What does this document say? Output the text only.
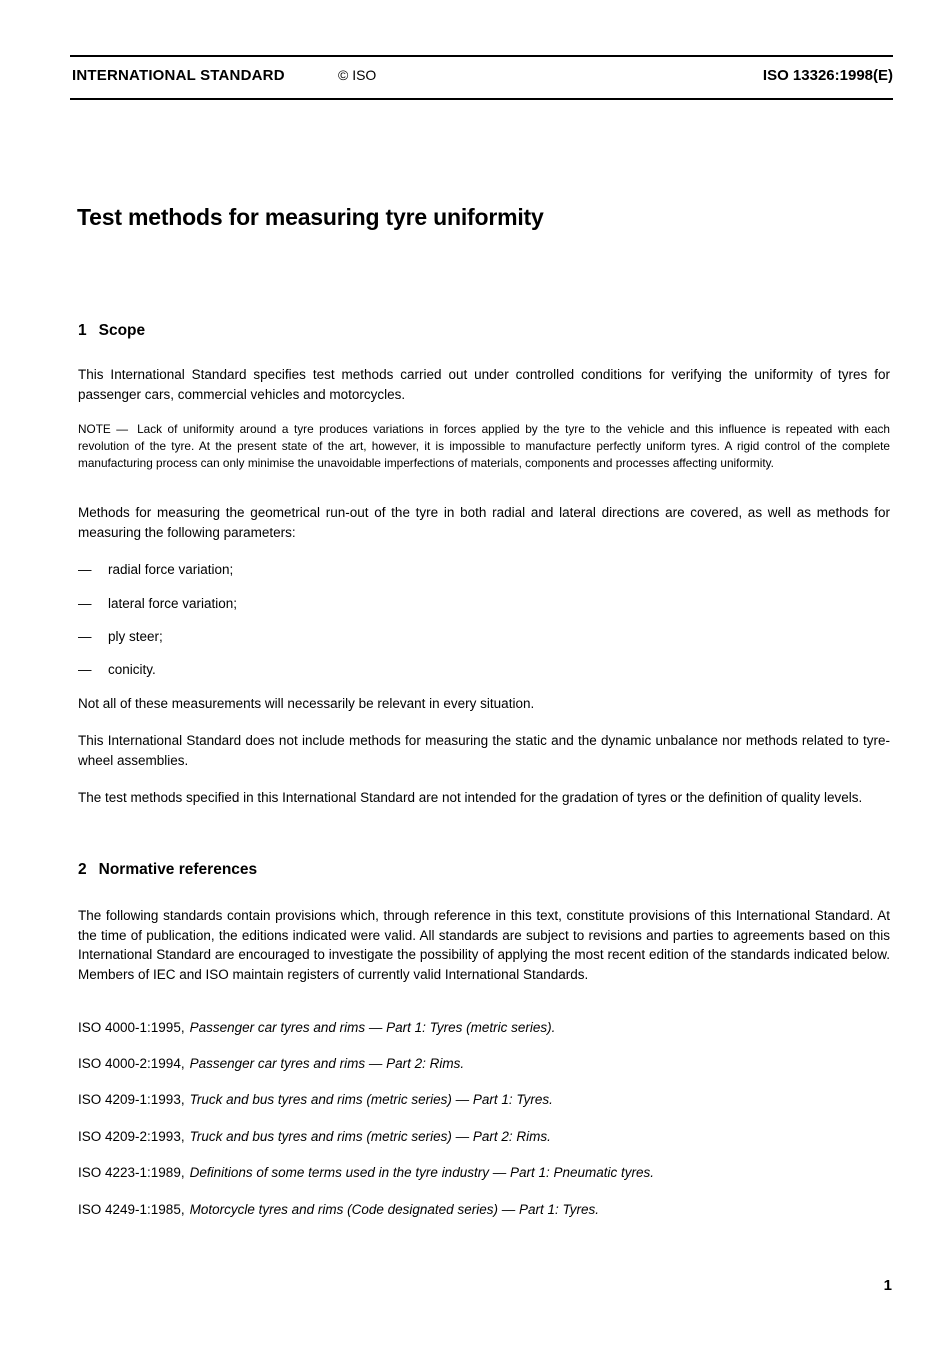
INTERNATIONAL STANDARD	© ISO	ISO 13326:1998(E)
Test methods for measuring tyre uniformity
1 Scope

This International Standard specifies test methods carried out under controlled conditions for verifying the uniformity of tyres for passenger cars, commercial vehicles and motorcycles.

NOTE — Lack of uniformity around a tyre produces variations in forces applied by the tyre to the vehicle and this influence is repeated with each revolution of the tyre. At the present state of the art, however, it is impossible to manufacture perfectly uniform tyres. A rigid control of the complete manufacturing process can only minimise the unavoidable imperfections of materials, components and processes affecting uniformity.

Methods for measuring the geometrical run-out of the tyre in both radial and lateral directions are covered, as well as methods for measuring the following parameters:

— radial force variation;
— lateral force variation;
— ply steer;
— conicity.

Not all of these measurements will necessarily be relevant in every situation.

This International Standard does not include methods for measuring the static and the dynamic unbalance nor methods related to tyre-wheel assemblies.

The test methods specified in this International Standard are not intended for the gradation of tyres or the definition of quality levels.

2 Normative references

The following standards contain provisions which, through reference in this text, constitute provisions of this International Standard. At the time of publication, the editions indicated were valid. All standards are subject to revisions and parties to agreements based on this International Standard are encouraged to investigate the possibility of applying the most recent edition of the standards indicated below. Members of IEC and ISO maintain registers of currently valid International Standards.

ISO 4000-1:1995, Passenger car tyres and rims — Part 1: Tyres (metric series).

ISO 4000-2:1994, Passenger car tyres and rims — Part 2: Rims.

ISO 4209-1:1993, Truck and bus tyres and rims (metric series) — Part 1: Tyres.

ISO 4209-2:1993, Truck and bus tyres and rims (metric series) — Part 2: Rims.

ISO 4223-1:1989, Definitions of some terms used in the tyre industry — Part 1: Pneumatic tyres.

ISO 4249-1:1985, Motorcycle tyres and rims (Code designated series) — Part 1: Tyres.

1
